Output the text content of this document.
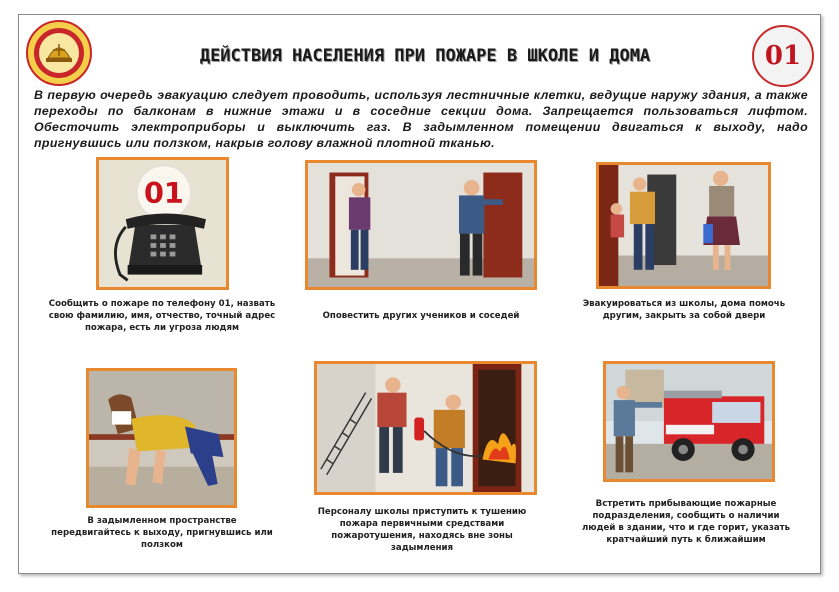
ДЕЙСТВИЯ НАСЕЛЕНИЯ ПРИ ПОЖАРЕ В ШКОЛЕ И ДОМА	01
В первую очередь эвакуацию следует проводить, используя лестничные клетки, ведущие наружу здания, а также переходы по балконам в нижние этажи и в соседние секции дома. Запрещается пользоваться лифтом. Обесточить электроприборы и выключить газ. В задымленном помещении двигаться к выходу, надо пригнувшись или ползком, накрыв голову влажной плотной тканью.
01
Сообщить о пожаре по телефону 01, назвать свою фамилию, имя, отчество, точный адрес пожара, есть ли угроза людям
Оповестить других учеников и соседей
Эвакуироваться из школы, дома помочь другим, закрыть за собой двери
В задымленном пространстве передвигайтесь к выходу, пригнувшись или ползком
Персоналу школы приступить к тушению пожара первичными средствами пожаротушения, находясь вне зоны задымления
Встретить прибывающие пожарные подразделения, сообщить о наличии людей в здании, что и где горит, указать кратчайший путь к ближайшим
